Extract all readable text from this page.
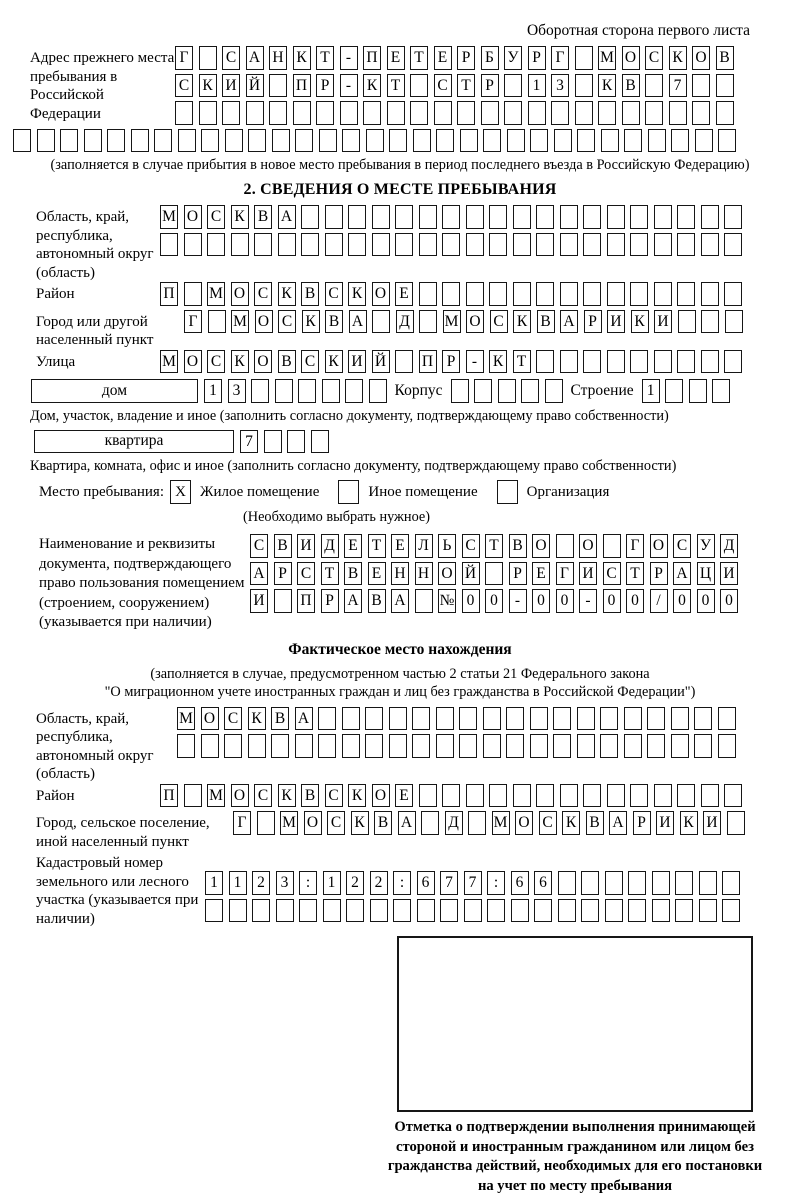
Оборотная сторона первого листа
Адрес прежнего места пребывания в Российской Федерации
Г С А Н К Т	- П Е Т Е Р Б У Р Г М О С К О В
С К И Й П Р	-	К Т С Т Р	1	3	К В	7
(заполняется в случае прибытия в новое место пребывания в период последнего въезда в Российскую Федерацию)
2. СВЕДЕНИЯ О МЕСТЕ ПРЕБЫВАНИЯ
Область, край, республика, автономный округ (область)
М О С К В А
Район	П М О С К В С К О Е
Город или другой населенный пункт
Г М О С К В А Д М О С К В А Р И К И
Улица	М О С К О В С К И Й П Р	-	К Т
дом	1	3	Корпус	Строение 1
Дом, участок, владение и иное (заполнить согласно документу, подтверждающему право собственности)
квартира	7
Квартира, комната, офис и иное (заполнить согласно документу, подтверждающему право собственности)
Место пребывания: X Жилое помещение	Иное помещение	Организация
(Необходимо выбрать нужное)
Наименование и реквизиты документа, подтверждающего право пользования помещением (строением, сооружением) (указывается при наличии)
С В И Д Е Т Е Л Ь С Т В О О Г О С У Д
А Р С Т В Е Н Н О Й	Р Е Г И С Т Р А Ц И
И П Р А В А № 0	0	-	0	0	-	0	0	/	0	0	0
Фактическое место нахождения
(заполняется в случае, предусмотренном частью 2 статьи 21 Федерального закона
"О миграционном учете иностранных граждан и лиц без гражданства в Российской Федерации")
Область, край, республика, автономный округ (область)
М О С К В А
Район	П М О С К В С К О Е
Город, сельское поселение, иной населенный пункт
Г М О С К В А Д М О С К В А Р И К И
Кадастровый номер земельного или лесного участка (указывается при наличии)
1	1	2	3	:	1	2	2	:	6	7	7	:	6	6
Отметка о подтверждении выполнения принимающей
стороной и иностранным гражданином или лицом без
гражданства действий, необходимых для его постановки
на учет по месту пребывания
